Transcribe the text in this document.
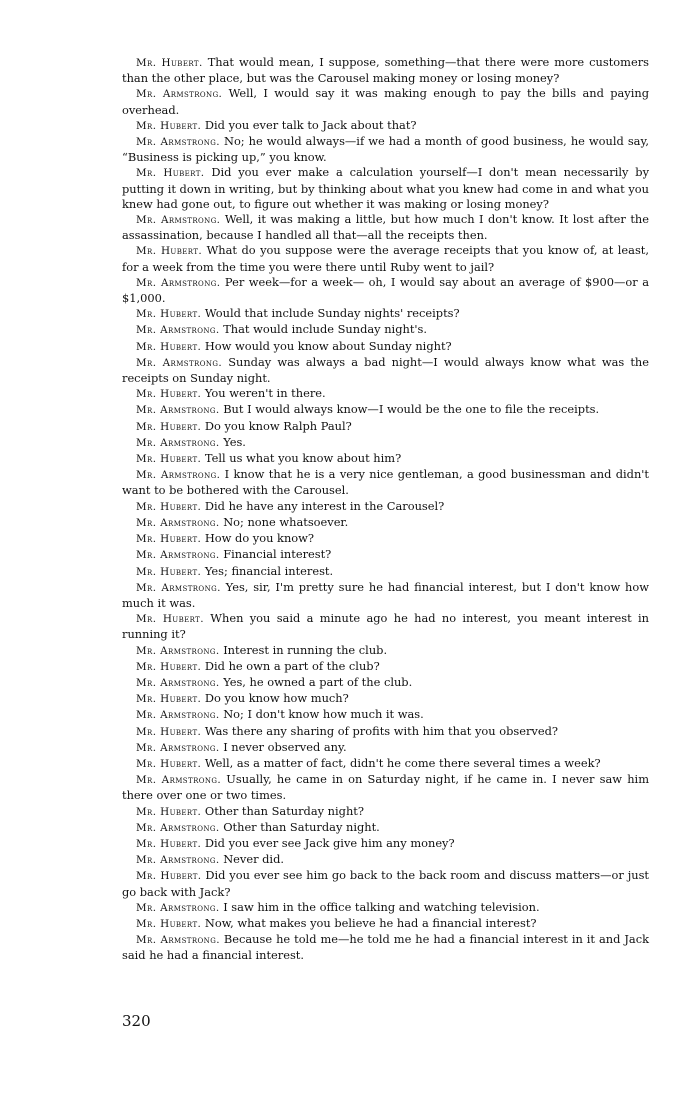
Mr. Hubert. That would mean, I suppose, something—that there were more customers than the other place, but was the Carousel making money or losing money?

Mr. Armstrong. Well, I would say it was making enough to pay the bills and paying overhead.

Mr. Hubert. Did you ever talk to Jack about that?

Mr. Armstrong. No; he would always—if we had a month of good business, he would say, “Business is picking up,” you know.

Mr. Hubert. Did you ever make a calculation yourself—I don't mean necessarily by putting it down in writing, but by thinking about what you knew had come in and what you knew had gone out, to figure out whether it was making or losing money?

Mr. Armstrong. Well, it was making a little, but how much I don't know. It lost after the assassination, because I handled all that—all the receipts then.

Mr. Hubert. What do you suppose were the average receipts that you know of, at least, for a week from the time you were there until Ruby went to jail?

Mr. Armstrong. Per week—for a week— oh, I would say about an average of $900—or a $1,000.

Mr. Hubert. Would that include Sunday nights' receipts?

Mr. Armstrong. That would include Sunday night's.

Mr. Hubert. How would you know about Sunday night?

Mr. Armstrong. Sunday was always a bad night—I would always know what was the receipts on Sunday night.

Mr. Hubert. You weren't in there.

Mr. Armstrong. But I would always know—I would be the one to file the receipts.

Mr. Hubert. Do you know Ralph Paul?

Mr. Armstrong. Yes.

Mr. Hubert. Tell us what you know about him?

Mr. Armstrong. I know that he is a very nice gentleman, a good businessman and didn't want to be bothered with the Carousel.

Mr. Hubert. Did he have any interest in the Carousel?

Mr. Armstrong. No; none whatsoever.

Mr. Hubert. How do you know?

Mr. Armstrong. Financial interest?

Mr. Hubert. Yes; financial interest.

Mr. Armstrong. Yes, sir, I'm pretty sure he had financial interest, but I don't know how much it was.

Mr. Hubert. When you said a minute ago he had no interest, you meant interest in running it?

Mr. Armstrong. Interest in running the club.

Mr. Hubert. Did he own a part of the club?

Mr. Armstrong. Yes, he owned a part of the club.

Mr. Hubert. Do you know how much?

Mr. Armstrong. No; I don't know how much it was.

Mr. Hubert. Was there any sharing of profits with him that you observed?

Mr. Armstrong. I never observed any.

Mr. Hubert. Well, as a matter of fact, didn't he come there several times a week?

Mr. Armstrong. Usually, he came in on Saturday night, if he came in. I never saw him there over one or two times.

Mr. Hubert. Other than Saturday night?

Mr. Armstrong. Other than Saturday night.

Mr. Hubert. Did you ever see Jack give him any money?

Mr. Armstrong. Never did.

Mr. Hubert. Did you ever see him go back to the back room and discuss matters—or just go back with Jack?

Mr. Armstrong. I saw him in the office talking and watching television.

Mr. Hubert. Now, what makes you believe he had a financial interest?

Mr. Armstrong. Because he told me—he told me he had a financial interest in it and Jack said he had a financial interest.

320
